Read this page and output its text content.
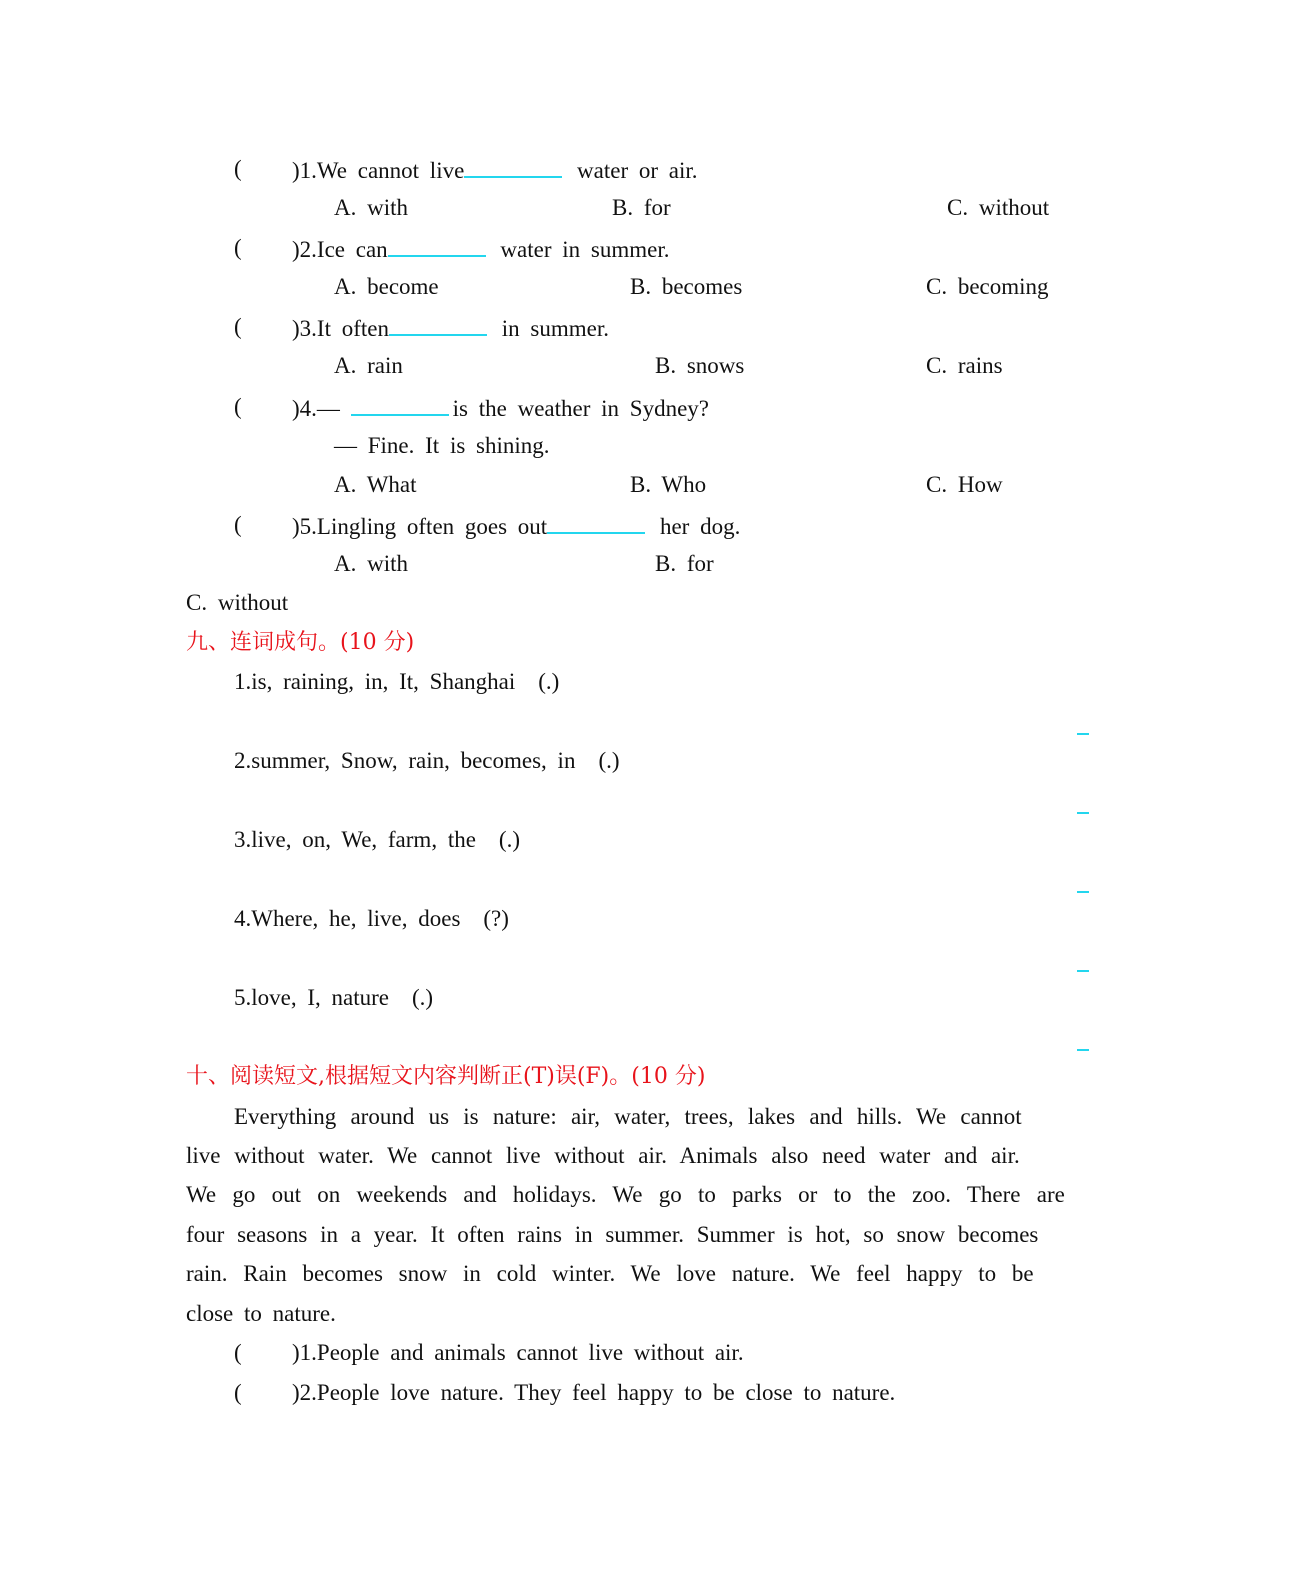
( )1.We cannot live	water or air.
A. with	B. for	C. without
( )2.Ice can	water in summer.
A. become	B. becomes	C. becoming
( )3.It often	in summer.
A. rain	B. snows	C. rains
( )4.—	is the weather in Sydney?
— Fine. It is shining.
A. What	B. Who	C. How
( )5.Lingling often goes out	her dog.
A. with	B. for
C. without
九、连词成句。(10 分)
1.is, raining, in, It, Shanghai　(.)
2.summer, Snow, rain, becomes, in　(.)
3.live, on, We, farm, the　(.)
4.Where, he, live, does　(?)
5.love, I, nature　(.)
十、阅读短文,根据短文内容判断正(T)误(F)。(10 分)
Everything around us is nature: air, water, trees, lakes and hills. We cannot
live without water. We cannot live without air. Animals also need water and air.
We go out on weekends and holidays. We go to parks or to the zoo. There are
four seasons in a year. It often rains in summer. Summer is hot, so snow becomes
rain. Rain becomes snow in cold winter. We love nature. We feel happy to be
close to nature.
( )1.People and animals cannot live without air.
( )2.People love nature. They feel happy to be close to nature.
